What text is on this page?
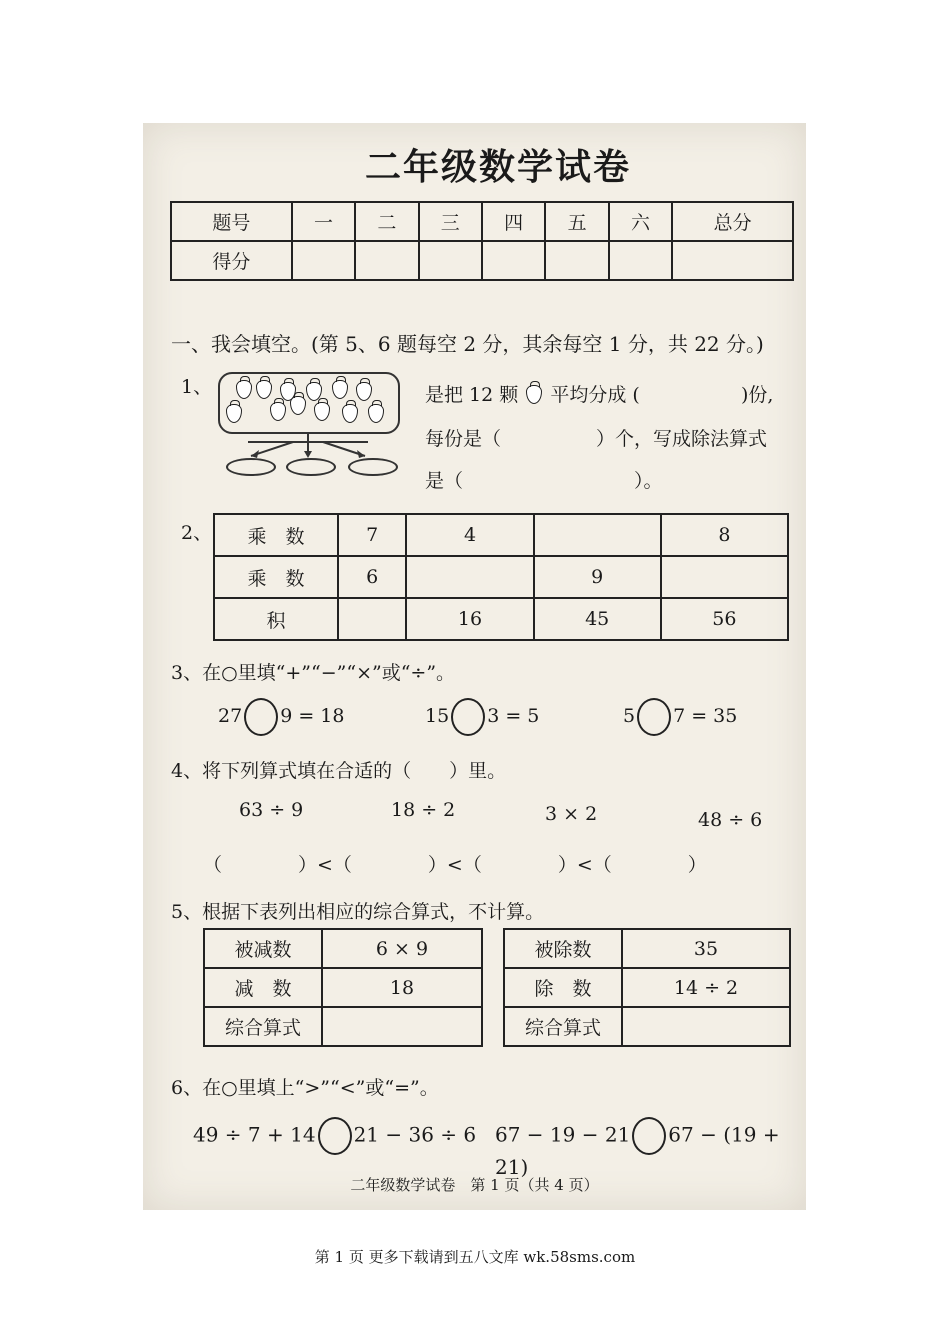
二年级数学试卷
题号	一	二	三	四	五	六	总分
得分							
一、我会填空。(第 5、6 题每空 2 分，其余每空 1 分，共 22 分。)
1、	是把 12 颗 平均分成 (	)份,
每份是（　　　　　）个，写成除法算式
是（　　　　　　　　　）。
2、 乘　数	7	4		8
乘　数	6		9	
积		16	45	56
3、在○里填“+”“−”“×”或“÷”。
27 9 = 18	15 3 = 5	5 7 = 35
4、将下列算式填在合适的（　　）里。
63 ÷ 9	18 ÷ 2	3 × 2	48 ÷ 6
（　　　　）<（　　　　）<（　　　　）<（　　　　）
5、根据下表列出相应的综合算式，不计算。
被减数	6 × 9
减　数	18
综合算式	
被除数	35
除　数	14 ÷ 2
综合算式	
6、在○里填上“>”“<”或“=”。
49 ÷ 7 + 14 21 − 36 ÷ 6 67 − 19 − 21 67 − (19 + 21)
二年级数学试卷　第 1 页（共 4 页）
第 1 页 更多下载请到五八文库 wk.58sms.com
